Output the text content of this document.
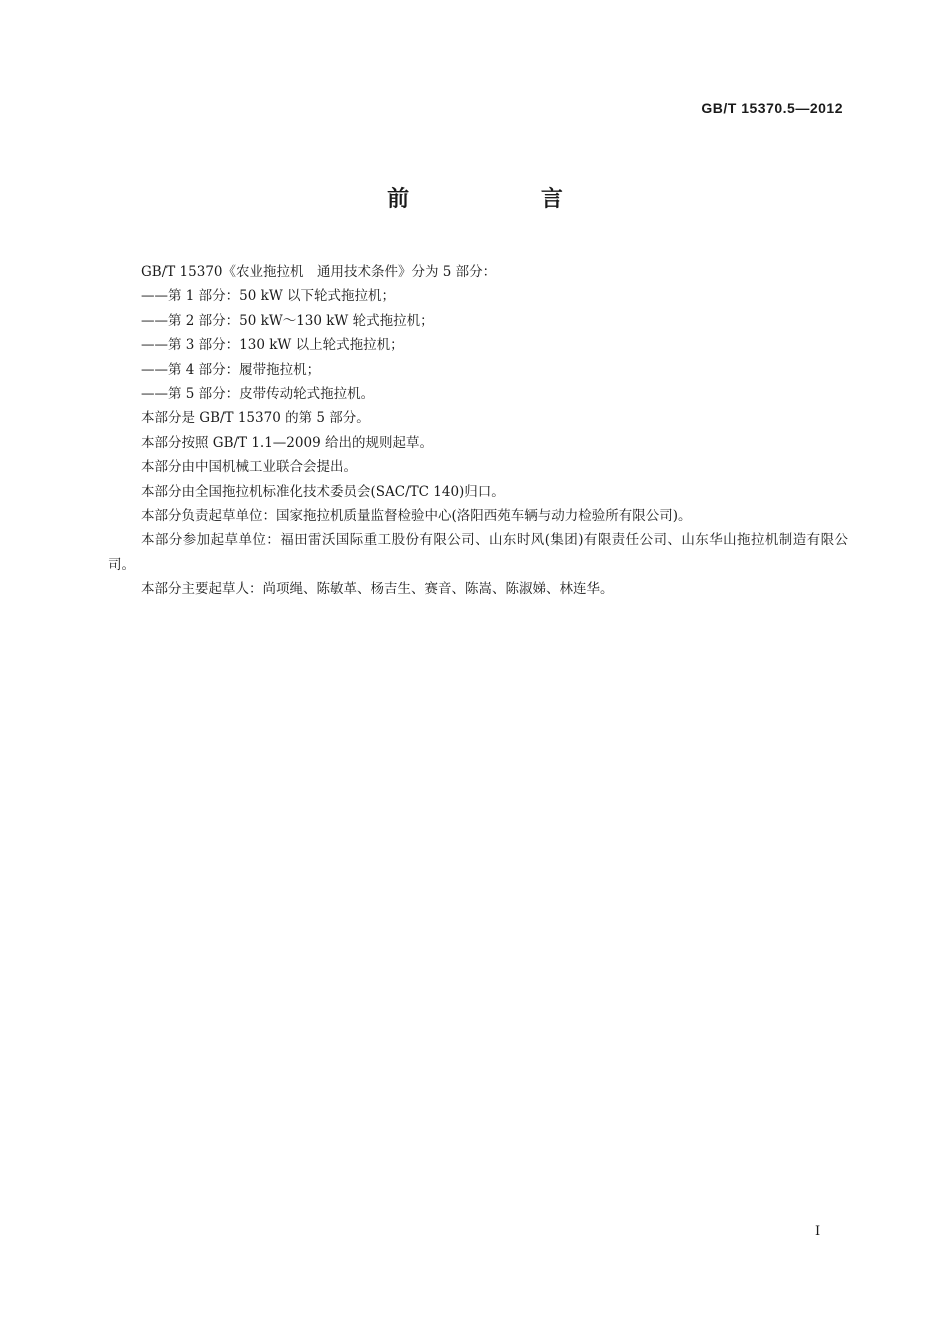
GB/T 15370.5—2012
前 言

GB/T 15370《农业拖拉机　通用技术条件》分为 5 部分：

——第 1 部分：50 kW 以下轮式拖拉机；

——第 2 部分：50 kW～130 kW 轮式拖拉机；

——第 3 部分：130 kW 以上轮式拖拉机；

——第 4 部分：履带拖拉机；

——第 5 部分：皮带传动轮式拖拉机。

本部分是 GB/T 15370 的第 5 部分。

本部分按照 GB/T 1.1—2009 给出的规则起草。

本部分由中国机械工业联合会提出。

本部分由全国拖拉机标准化技术委员会(SAC/TC 140)归口。

本部分负责起草单位：国家拖拉机质量监督检验中心(洛阳西苑车辆与动力检验所有限公司)。

本部分参加起草单位：福田雷沃国际重工股份有限公司、山东时风(集团)有限责任公司、山东华山拖拉机制造有限公司。

本部分主要起草人：尚项绳、陈敏革、杨吉生、赛音、陈嵩、陈淑娣、林连华。

I
